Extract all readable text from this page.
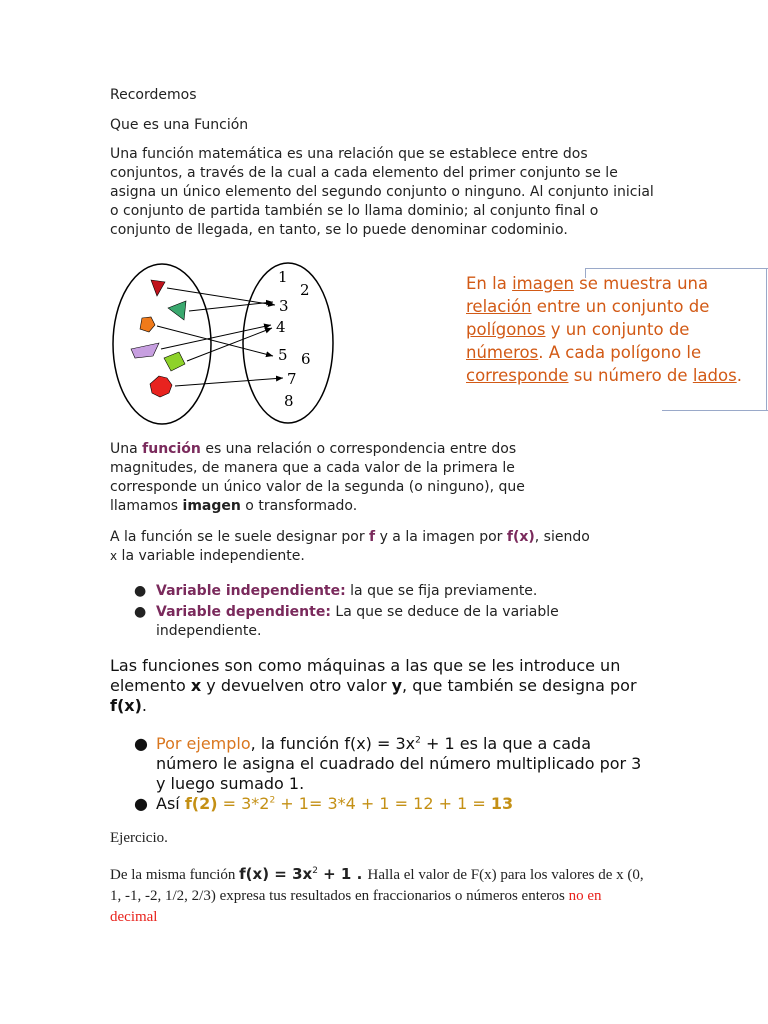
Recordemos
Que es una Función
Una función matemática es una relación que se establece entre dos conjuntos, a través de la cual a cada elemento del primer conjunto se le asigna un único elemento del segundo conjunto o ninguno. Al conjunto inicial o conjunto de partida también se lo llama dominio; al conjunto final o conjunto de llegada, en tanto, se lo puede denominar codominio.
1
2
3
4
5 6
7
8
En la imagen se muestra una relación entre un conjunto de polígonos y un conjunto de números. A cada polígono le corresponde su número de lados.
Una función es una relación o correspondencia entre dos magnitudes, de manera que a cada valor de la primera le corresponde un único valor de la segunda (o ninguno), que llamamos imagen o transformado.
A la función se le suele designar por f y a la imagen por f(x), siendo
x la variable independiente.
● Variable independiente: la que se fija previamente.
● Variable dependiente: La que se deduce de la variable independiente.
Las funciones son como máquinas a las que se les introduce un elemento x y devuelven otro valor y, que también se designa por f(x).
● Por ejemplo, la función $f(x) = 3x^2 + 1$ es la que a cada número le asigna el cuadrado del número multiplicado por 3 y luego sumado 1.
● Así $f(2) = 3*2^2 + 1= 3*4 + 1 = 12 + 1 = 13$
Ejercicio.
De la misma función $f(x) = 3x^2 + 1$ . Halla el valor de F(x) para los valores de x (0, 1, -1, -2, 1/2, 2/3) expresa tus resultados en fraccionarios o números enteros no en decimal
